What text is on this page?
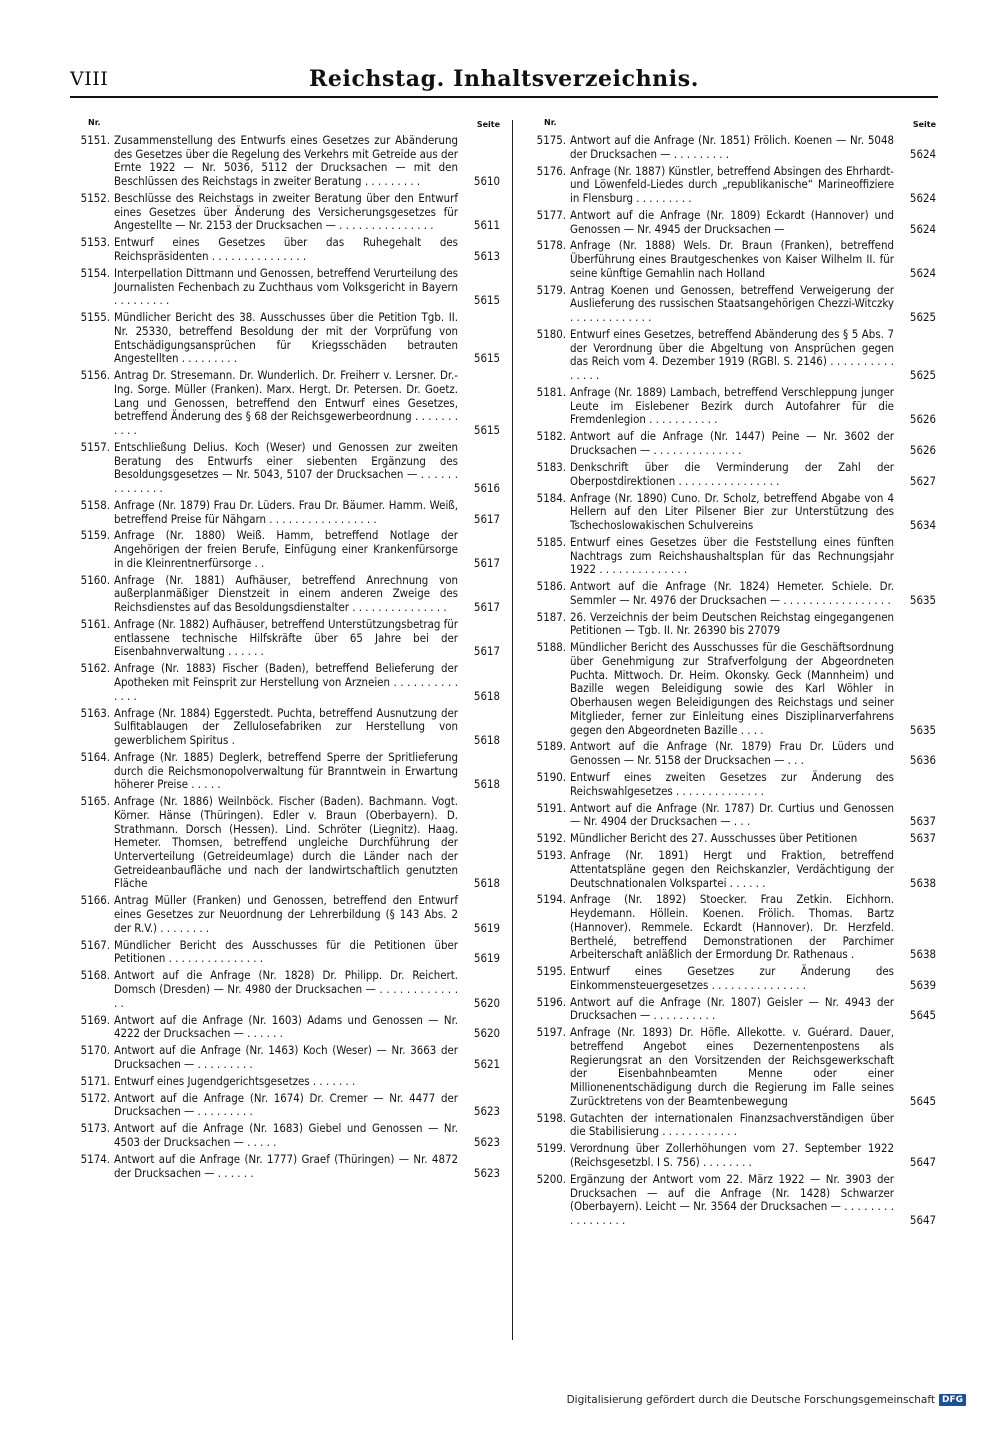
VIII	Reichstag. Inhaltsverzeichnis.
Nr.	Seite
5151. Zusammenstellung des Entwurfs eines Gesetzes zur Abänderung des Gesetzes über die Regelung des Verkehrs mit Getreide aus der Ernte 1922 — Nr. 5036, 5112 der Drucksachen — mit den Beschlüssen des Reichstags in zweiter Beratung . . . . . . . . .	5610
5152. Beschlüsse des Reichstags in zweiter Beratung über den Entwurf eines Gesetzes über Änderung des Versicherungsgesetzes für Angestellte — Nr. 2153 der Drucksachen — . . . . . . . . . . . . . . .	5611
5153. Entwurf eines Gesetzes über das Ruhegehalt des Reichspräsidenten . . . . . . . . . . . . . . .	5613
5154. Interpellation Dittmann und Genossen, betreffend Verurteilung des Journalisten Fechenbach zu Zuchthaus vom Volksgericht in Bayern . . . . . . . . .	5615
5155. Mündlicher Bericht des 38. Ausschusses über die Petition Tgb. II. Nr. 25330, betreffend Besoldung der mit der Vorprüfung von Entschädigungsansprüchen für Kriegsschäden betrauten Angestellten . . . . . . . . .	5615
5156. Antrag Dr. Stresemann. Dr. Wunderlich. Dr. Freiherr v. Lersner. Dr.-Ing. Sorge. Müller (Franken). Marx. Hergt. Dr. Petersen. Dr. Goetz. Lang und Genossen, betreffend den Entwurf eines Gesetzes, betreffend Änderung des § 68 der Reichsgewerbeordnung . . . . . . . . . . .	5615
5157. Entschließung Delius. Koch (Weser) und Genossen zur zweiten Beratung des Entwurfs einer siebenten Ergänzung des Besoldungsgesetzes — Nr. 5043, 5107 der Drucksachen — . . . . . . . . . . . . . .	5616
5158. Anfrage (Nr. 1879) Frau Dr. Lüders. Frau Dr. Bäumer. Hamm. Weiß, betreffend Preise für Nähgarn . . . . . . . . . . . . . . . . .	5617
5159. Anfrage (Nr. 1880) Weiß. Hamm, betreffend Notlage der Angehörigen der freien Berufe, Einfügung einer Krankenfürsorge in die Kleinrentnerfürsorge . .	5617
5160. Anfrage (Nr. 1881) Aufhäuser, betreffend Anrechnung von außerplanmäßiger Dienstzeit in einem anderen Zweige des Reichsdienstes auf das Besoldungsdienstalter . . . . . . . . . . . . . . .	5617
5161. Anfrage (Nr. 1882) Aufhäuser, betreffend Unterstützungsbetrag für entlassene technische Hilfskräfte über 65 Jahre bei der Eisenbahnverwaltung . . . . . .	5617
5162. Anfrage (Nr. 1883) Fischer (Baden), betreffend Belieferung der Apotheken mit Feinsprit zur Herstellung von Arzneien . . . . . . . . . . . . . .	5618
5163. Anfrage (Nr. 1884) Eggerstedt. Puchta, betreffend Ausnutzung der Sulfitablaugen der Zellulosefabriken zur Herstellung von gewerblichem Spiritus .	5618
5164. Anfrage (Nr. 1885) Deglerk, betreffend Sperre der Spritlieferung durch die Reichsmonopolverwaltung für Branntwein in Erwartung höherer Preise . . . . .	5618
5165. Anfrage (Nr. 1886) Weilnböck. Fischer (Baden). Bachmann. Vogt. Körner. Hänse (Thüringen). Edler v. Braun (Oberbayern). D. Strathmann. Dorsch (Hessen). Lind. Schröter (Liegnitz). Haag. Hemeter. Thomsen, betreffend ungleiche Durchführung der Unterverteilung (Getreideumlage) durch die Länder nach der Getreideanbaufläche und nach der landwirtschaftlich genutzten Fläche	5618
5166. Antrag Müller (Franken) und Genossen, betreffend den Entwurf eines Gesetzes zur Neuordnung der Lehrerbildung (§ 143 Abs. 2 der R.V.) . . . . . . . .	5619
5167. Mündlicher Bericht des Ausschusses für die Petitionen über Petitionen . . . . . . . . . . . . . . .	5619
5168. Antwort auf die Anfrage (Nr. 1828) Dr. Philipp. Dr. Reichert. Domsch (Dresden) — Nr. 4980 der Drucksachen — . . . . . . . . . . . . . .	5620
5169. Antwort auf die Anfrage (Nr. 1603) Adams und Genossen — Nr. 4222 der Drucksachen — . . . . . .	5620
5170. Antwort auf die Anfrage (Nr. 1463) Koch (Weser) — Nr. 3663 der Drucksachen — . . . . . . . . .	5621
5171. Entwurf eines Jugendgerichtsgesetzes . . . . . . .
5172. Antwort auf die Anfrage (Nr. 1674) Dr. Cremer — Nr. 4477 der Drucksachen — . . . . . . . . .	5623
5173. Antwort auf die Anfrage (Nr. 1683) Giebel und Genossen — Nr. 4503 der Drucksachen — . . . . .	5623
5174. Antwort auf die Anfrage (Nr. 1777) Graef (Thüringen) — Nr. 4872 der Drucksachen — . . . . . .	5623
Nr.	Seite
5175. Antwort auf die Anfrage (Nr. 1851) Frölich. Koenen — Nr. 5048 der Drucksachen — . . . . . . . . .	5624
5176. Anfrage (Nr. 1887) Künstler, betreffend Absingen des Ehrhardt- und Löwenfeld-Liedes durch „republikanische“ Marineoffiziere in Flensburg . . . . . . . . .	5624
5177. Antwort auf die Anfrage (Nr. 1809) Eckardt (Hannover) und Genossen — Nr. 4945 der Drucksachen —	5624
5178. Anfrage (Nr. 1888) Wels. Dr. Braun (Franken), betreffend Überführung eines Brautgeschenkes von Kaiser Wilhelm II. für seine künftige Gemahlin nach Holland	5624
5179. Antrag Koenen und Genossen, betreffend Verweigerung der Auslieferung des russischen Staatsangehörigen Chezzi-Witczky . . . . . . . . . . . . .	5625
5180. Entwurf eines Gesetzes, betreffend Abänderung des § 5 Abs. 7 der Verordnung über die Abgeltung von Ansprüchen gegen das Reich vom 4. Dezember 1919 (RGBl. S. 2146) . . . . . . . . . . . . . . .	5625
5181. Anfrage (Nr. 1889) Lambach, betreffend Verschleppung junger Leute im Eislebener Bezirk durch Autofahrer für die Fremdenlegion . . . . . . . . . . .	5626
5182. Antwort auf die Anfrage (Nr. 1447) Peine — Nr. 3602 der Drucksachen — . . . . . . . . . . . . . .	5626
5183. Denkschrift über die Verminderung der Zahl der Oberpostdirektionen . . . . . . . . . . . . . . . .	5627
5184. Anfrage (Nr. 1890) Cuno. Dr. Scholz, betreffend Abgabe von 4 Hellern auf den Liter Pilsener Bier zur Unterstützung des Tschechoslowakischen Schulvereins	5634
5185. Entwurf eines Gesetzes über die Feststellung eines fünften Nachtrags zum Reichshaushaltsplan für das Rechnungsjahr 1922 . . . . . . . . . . . . . .
5186. Antwort auf die Anfrage (Nr. 1824) Hemeter. Schiele. Dr. Semmler — Nr. 4976 der Drucksachen — . . . . . . . . . . . . . . . . .	5635
5187. 26. Verzeichnis der beim Deutschen Reichstag eingegangenen Petitionen — Tgb. II. Nr. 26390 bis 27079
5188. Mündlicher Bericht des Ausschusses für die Geschäftsordnung über Genehmigung zur Strafverfolgung der Abgeordneten Puchta. Mittwoch. Dr. Heim. Okonsky. Geck (Mannheim) und Bazille wegen Beleidigung sowie des Karl Wöhler in Oberhausen wegen Beleidigungen des Reichstags und seiner Mitglieder, ferner zur Einleitung eines Disziplinarverfahrens gegen den Abgeordneten Bazille . . . .	5635
5189. Antwort auf die Anfrage (Nr. 1879) Frau Dr. Lüders und Genossen — Nr. 5158 der Drucksachen — . . .	5636
5190. Entwurf eines zweiten Gesetzes zur Änderung des Reichswahlgesetzes . . . . . . . . . . . . . .
5191. Antwort auf die Anfrage (Nr. 1787) Dr. Curtius und Genossen — Nr. 4904 der Drucksachen — . . .	5637
5192. Mündlicher Bericht des 27. Ausschusses über Petitionen	5637
5193. Anfrage (Nr. 1891) Hergt und Fraktion, betreffend Attentatspläne gegen den Reichskanzler, Verdächtigung der Deutschnationalen Volkspartei . . . . . .	5638
5194. Anfrage (Nr. 1892) Stoecker. Frau Zetkin. Eichhorn. Heydemann. Höllein. Koenen. Frölich. Thomas. Bartz (Hannover). Remmele. Eckardt (Hannover). Dr. Herzfeld. Berthelé, betreffend Demonstrationen der Parchimer Arbeiterschaft anläßlich der Ermordung Dr. Rathenaus .	5638
5195. Entwurf eines Gesetzes zur Änderung des Einkommensteuergesetzes . . . . . . . . . . . . . . .	5639
5196. Antwort auf die Anfrage (Nr. 1807) Geisler — Nr. 4943 der Drucksachen — . . . . . . . . . .	5645
5197. Anfrage (Nr. 1893) Dr. Höfle. Allekotte. v. Guérard. Dauer, betreffend Angebot eines Dezernentenpostens als Regierungsrat an den Vorsitzenden der Reichsgewerkschaft der Eisenbahnbeamten Menne oder einer Millionenentschädigung durch die Regierung im Falle seines Zurücktretens von der Beamtenbewegung	5645
5198. Gutachten der internationalen Finanzsachverständigen über die Stabilisierung . . . . . . . . . . . .
5199. Verordnung über Zollerhöhungen vom 27. September 1922 (Reichsgesetzbl. I S. 756) . . . . . . . .	5647
5200. Ergänzung der Antwort vom 22. März 1922 — Nr. 3903 der Drucksachen — auf die Anfrage (Nr. 1428) Schwarzer (Oberbayern). Leicht — Nr. 3564 der Drucksachen — . . . . . . . . . . . . . . . . .	5647
Digitalisierung gefördert durch die Deutsche Forschungsgemeinschaft DFG
